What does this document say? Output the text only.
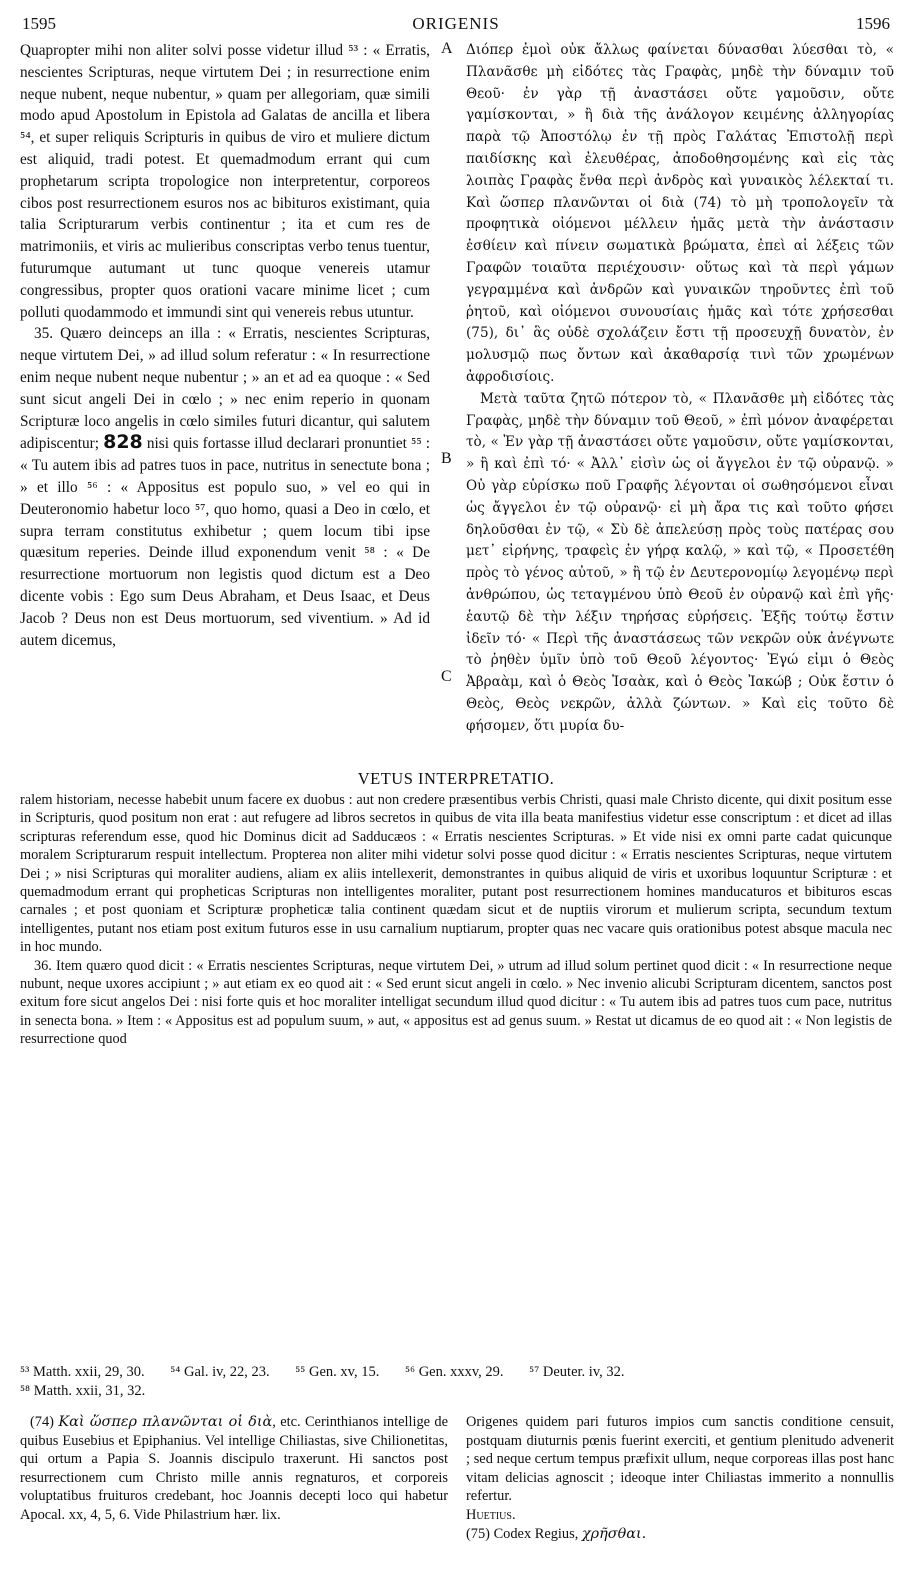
1595	ORIGENIS	1596

Quapropter mihi non aliter solvi posse videtur illud ⁵³ : « Erratis, nescientes Scripturas, neque virtutem Dei ; in resurrectione enim neque nubent, neque nubentur, » quam per allegoriam, quæ simili modo apud Apostolum in Epistola ad Galatas de ancilla et libera ⁵⁴, et super reliquis Scripturis in quibus de viro et muliere dictum est aliquid, tradi potest. Et quemadmodum errant qui cum prophetarum scripta tropologice non interpretentur, corporeos cibos post resurrectionem esuros nos ac bibituros existimant, quia talia Scripturarum verbis continentur ; ita et cum res de matrimoniis, et viris ac mulieribus conscriptas verbo tenus tuentur, futurumque autumant ut tunc quoque venereis utamur congressibus, propter quos orationi vacare minime licet ; cum polluti quodammodo et immundi sint qui venereis rebus utuntur.

35. Quæro deinceps an illa : « Erratis, nescientes Scripturas, neque virtutem Dei, » ad illud solum referatur : « In resurrectione enim neque nubent neque nubentur ; » an et ad ea quoque : « Sed sunt sicut angeli Dei in cœlo ; » nec enim reperio in quonam Scripturæ loco angelis in cœlo similes futuri dicantur, qui salutem adipiscentur; 828 nisi quis fortasse illud declarari pronuntiet ⁵⁵ : « Tu autem ibis ad patres tuos in pace, nutritus in senectute bona ; » et illo ⁵⁶ : « Appositus est populo suo, » vel eo qui in Deuteronomio habetur loco ⁵⁷, quo homo, quasi a Deo in cœlo, et supra terram constitutus exhibetur ; quem locum tibi ipse quæsitum reperies. Deinde illud exponendum venit ⁵⁸ : « De resurrectione mortuorum non legistis quod dictum est a Deo dicente vobis : Ego sum Deus Abraham, et Deus Isaac, et Deus Jacob ? Deus non est Deus mortuorum, sed viventium. » Ad id autem dicemus,

A
B
C

Διόπερ ἐμοὶ οὐκ ἄλλως φαίνεται δύνασθαι λύεσθαι τὸ, « Πλανᾶσθε μὴ εἰδότες τὰς Γραφὰς, μηδὲ τὴν δύναμιν τοῦ Θεοῦ· ἐν γὰρ τῇ ἀναστάσει οὔτε γαμοῦσιν, οὔτε γαμίσκονται, » ἢ διὰ τῆς ἀνάλογον κειμένης ἀλληγορίας παρὰ τῷ Ἀποστόλῳ ἐν τῇ πρὸς Γαλάτας Ἐπιστολῇ περὶ παιδίσκης καὶ ἐλευθέρας, ἀποδοθησομένης καὶ εἰς τὰς λοιπὰς Γραφὰς ἔνθα περὶ ἀνδρὸς καὶ γυναικὸς λέλεκταί τι. Καὶ ὥσπερ πλανῶνται οἱ διὰ (74) τὸ μὴ τροπολογεῖν τὰ προφητικὰ οἰόμενοι μέλλειν ἡμᾶς μετὰ τὴν ἀνάστασιν ἐσθίειν καὶ πίνειν σωματικὰ βρώματα, ἐπεὶ αἱ λέξεις τῶν Γραφῶν τοιαῦτα περιέχουσιν· οὕτως καὶ τὰ περὶ γάμων γεγραμμένα καὶ ἀνδρῶν καὶ γυναικῶν τηροῦντες ἐπὶ τοῦ ῥητοῦ, καὶ οἰόμενοι συνουσίαις ἡμᾶς καὶ τότε χρήσεσθαι (75), δι᾽ ἃς οὐδὲ σχολάζειν ἔστι τῇ προσευχῇ δυνατὸν, ἐν μολυσμῷ πως ὄντων καὶ ἀκαθαρσίᾳ τινὶ τῶν χρωμένων ἀφροδισίοις.

Μετὰ ταῦτα ζητῶ πότερον τὸ, « Πλανᾶσθε μὴ εἰδότες τὰς Γραφὰς, μηδὲ τὴν δύναμιν τοῦ Θεοῦ, » ἐπὶ μόνον ἀναφέρεται τὸ, « Ἐν γὰρ τῇ ἀναστάσει οὔτε γαμοῦσιν, οὔτε γαμίσκονται, » ἢ καὶ ἐπὶ τό· « Ἀλλ᾽ εἰσὶν ὡς οἱ ἄγγελοι ἐν τῷ οὐρανῷ. » Οὐ γὰρ εὑρίσκω ποῦ Γραφῆς λέγονται οἱ σωθησόμενοι εἶναι ὡς ἄγγελοι ἐν τῷ οὐρανῷ· εἰ μὴ ἄρα τις καὶ τοῦτο φήσει δηλοῦσθαι ἐν τῷ, « Σὺ δὲ ἀπελεύσῃ πρὸς τοὺς πατέρας σου μετ᾽ εἰρήνης, τραφεὶς ἐν γήρᾳ καλῷ, » καὶ τῷ, « Προσετέθη πρὸς τὸ γένος αὐτοῦ, » ἢ τῷ ἐν Δευτερονομίῳ λεγομένῳ περὶ ἀνθρώπου, ὡς τεταγμένου ὑπὸ Θεοῦ ἐν οὐρανῷ καὶ ἐπὶ γῆς· ἑαυτῷ δὲ τὴν λέξιν τηρήσας εὑρήσεις. Ἑξῆς τούτῳ ἔστιν ἰδεῖν τό· « Περὶ τῆς ἀναστάσεως τῶν νεκρῶν οὐκ ἀνέγνωτε τὸ ῥηθὲν ὑμῖν ὑπὸ τοῦ Θεοῦ λέγοντος· Ἐγώ εἰμι ὁ Θεὸς Ἀβραὰμ, καὶ ὁ Θεὸς Ἰσαὰκ, καὶ ὁ Θεὸς Ἰακώβ ; Οὐκ ἔστιν ὁ Θεὸς, Θεὸς νεκρῶν, ἀλλὰ ζώντων. » Καὶ εἰς τοῦτο δὲ φήσομεν, ὅτι μυρία δυ-

VETUS INTERPRETATIO.

ralem historiam, necesse habebit unum facere ex duobus : aut non credere præsentibus verbis Christi, quasi male Christo dicente, qui dixit positum esse in Scripturis, quod positum non erat : aut refugere ad libros secretos in quibus de vita illa beata manifestius videtur esse conscriptum : et dicet ad illas scripturas referendum esse, quod hic Dominus dicit ad Sadducæos : « Erratis nescientes Scripturas. » Et vide nisi ex omni parte cadat quicunque moralem Scripturarum respuit intellectum. Propterea non aliter mihi videtur solvi posse quod dicitur : « Erratis nescientes Scripturas, neque virtutem Dei ; » nisi Scripturas qui moraliter audiens, aliam ex aliis intellexerit, demonstrantes in quibus aliquid de viris et uxoribus loquuntur Scripturæ : et quemadmodum errant qui propheticas Scripturas non intelligentes moraliter, putant post resurrectionem homines manducaturos et bibituros escas carnales ; et post quoniam et Scripturæ propheticæ talia continent quædam sicut et de nuptiis virorum et mulierum scripta, secundum textum intelligentes, putant nos etiam post exitum futuros esse in usu carnalium nuptiarum, propter quas nec vacare quis orationibus potest absque macula nec in hoc mundo.

36. Item quæro quod dicit : « Erratis nescientes Scripturas, neque virtutem Dei, » utrum ad illud solum pertinet quod dicit : « In resurrectione neque nubunt, neque uxores accipiunt ; » aut etiam ex eo quod ait : « Sed erunt sicut angeli in cœlo. » Nec invenio alicubi Scripturam dicentem, sanctos post exitum fore sicut angelos Dei : nisi forte quis et hoc moraliter intelligat secundum illud quod dicitur : « Tu autem ibis ad patres tuos cum pace, nutritus in senecta bona. » Item : « Appositus est ad populum suum, » aut, « appositus est ad genus suum. » Restat ut dicamus de eo quod ait : « Non legistis de resurrectione quod

⁵³ Matth. xxii, 29, 30. ⁵⁴ Gal. iv, 22, 23. ⁵⁵ Gen. xv, 15. ⁵⁶ Gen. xxxv, 29. ⁵⁷ Deuter. iv, 32.
⁵⁸ Matth. xxii, 31, 32.

(74) Καὶ ὥσπερ πλανῶνται οἱ διὰ, etc. Cerinthianos intellige de quibus Eusebius et Epiphanius. Vel intellige Chiliastas, sive Chilionetitas, qui ortum a Papia S. Joannis discipulo traxerunt. Hi sanctos post resurrectionem cum Christo mille annis regnaturos, et corporeis voluptatibus fruituros credebant, hoc Joannis decepti loco qui habetur Apocal. xx, 4, 5, 6. Vide Philastrium hær. lix.

Origenes quidem pari futuros impios cum sanctis conditione censuit, postquam diuturnis pœnis fuerint exerciti, et gentium plenitudo advenerit ; sed neque certum tempus præfixit ullum, neque corporeas illas post hanc vitam delicias agnoscit ; ideoque inter Chiliastas immerito a nonnullis refertur.

Huetius.

(75) Codex Regius, χρῆσθαι.
